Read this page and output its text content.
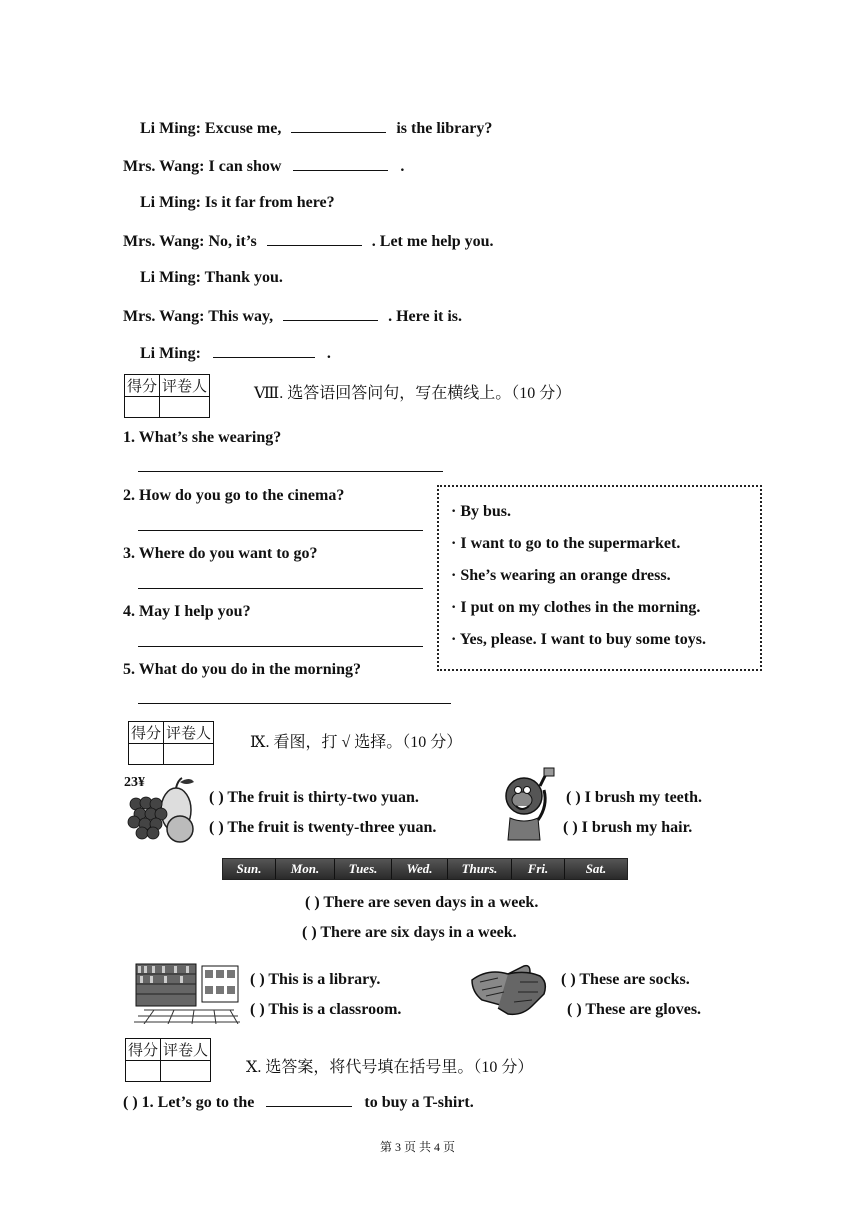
Li Ming: Excuse me,	is the library?
Mrs. Wang: I can show	.
Li Ming: Is it far from here?
Mrs. Wang: No, it’s	. Let me help you.
Li Ming: Thank you.
Mrs. Wang: This way,	. Here it is.
Li Ming:	.
得分	评卷人
		Ⅷ. 选答语回答问句，写在横线上。（10 分）
1. What’s she wearing?
2. How do you go to the cinema?
3. Where do you want to go?
4. May I help you?
5. What do you do in the morning?
· By bus.
· I want to go to the supermarket.
· She’s wearing an orange dress.
· I put on my clothes in the morning.
· Yes, please. I want to buy some toys.
得分	评卷人

Ⅸ. 看图，打 √ 选择。（10 分）
23¥
( ) The fruit is thirty-two yuan.
( ) The fruit is twenty-three yuan.
( ) I brush my teeth.
( ) I brush my hair.
Sun.	Mon.	Tues.	Wed.	Thurs.	Fri.	Sat.
( ) There are seven days in a week.
( ) There are six days in a week.
( ) This is a library.
( ) This is a classroom.
( ) These are socks.
( ) These are gloves.
得分	评卷人

Ⅹ. 选答案，将代号填在括号里。（10 分）
( ) 1. Let’s go to the	to buy a T-shirt.
第 3 页 共 4 页
